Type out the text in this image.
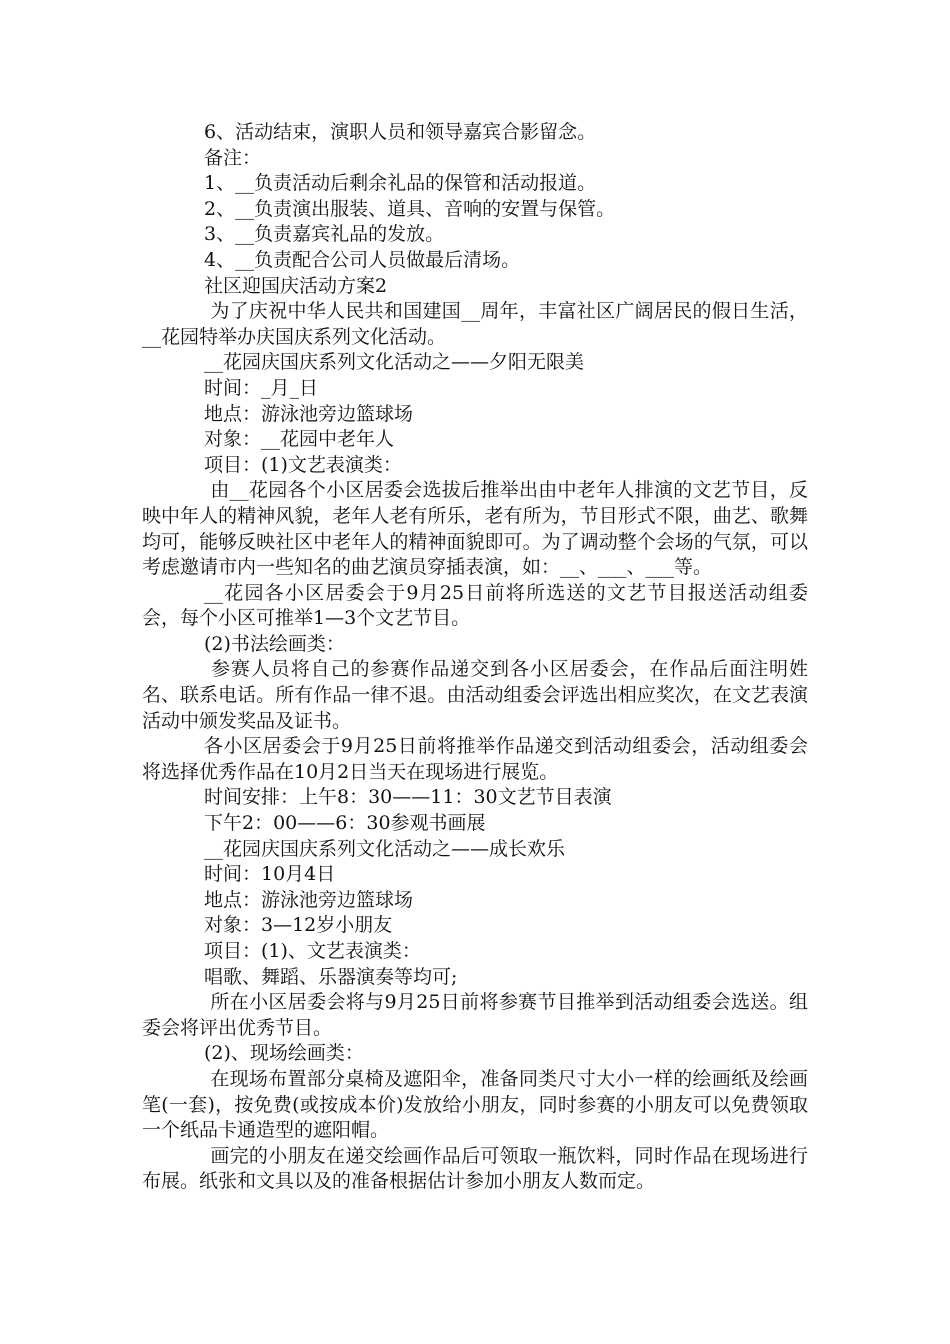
6、活动结束，演职人员和领导嘉宾合影留念。

备注：

1、__负责活动后剩余礼品的保管和活动报道。

2、__负责演出服装、道具、音响的安置与保管。

3、__负责嘉宾礼品的发放。

4、__负责配合公司人员做最后清场。

社区迎国庆活动方案2

为了庆祝中华人民共和国建国__周年，丰富社区广阔居民的假日生活，__花园特举办庆国庆系列文化活动。

__花园庆国庆系列文化活动之——夕阳无限美

时间：_月_日

地点：游泳池旁边篮球场

对象：__花园中老年人

项目：(1)文艺表演类：

由__花园各个小区居委会选拔后推举出由中老年人排演的文艺节目，反映中年人的精神风貌，老年人老有所乐，老有所为，节目形式不限，曲艺、歌舞均可，能够反映社区中老年人的精神面貌即可。为了调动整个会场的气氛，可以考虑邀请市内一些知名的曲艺演员穿插表演，如：__、___、___等。

__花园各小区居委会于9月25日前将所选送的文艺节目报送活动组委会，每个小区可推举1—3个文艺节目。

(2)书法绘画类：

参赛人员将自己的参赛作品递交到各小区居委会，在作品后面注明姓名、联系电话。所有作品一律不退。由活动组委会评选出相应奖次，在文艺表演活动中颁发奖品及证书。

各小区居委会于9月25日前将推举作品递交到活动组委会，活动组委会将选择优秀作品在10月2日当天在现场进行展览。

时间安排：上午8：30——11：30文艺节目表演

下午2：00——6：30参观书画展

__花园庆国庆系列文化活动之——成长欢乐

时间：10月4日

地点：游泳池旁边篮球场

对象：3—12岁小朋友

项目：(1)、文艺表演类：

唱歌、舞蹈、乐器演奏等均可;

所在小区居委会将与9月25日前将参赛节目推举到活动组委会选送。组委会将评出优秀节目。

(2)、现场绘画类：

在现场布置部分桌椅及遮阳伞，准备同类尺寸大小一样的绘画纸及绘画笔(一套)，按免费(或按成本价)发放给小朋友，同时参赛的小朋友可以免费领取一个纸品卡通造型的遮阳帽。

画完的小朋友在递交绘画作品后可领取一瓶饮料，同时作品在现场进行布展。纸张和文具以及的准备根据估计参加小朋友人数而定。
